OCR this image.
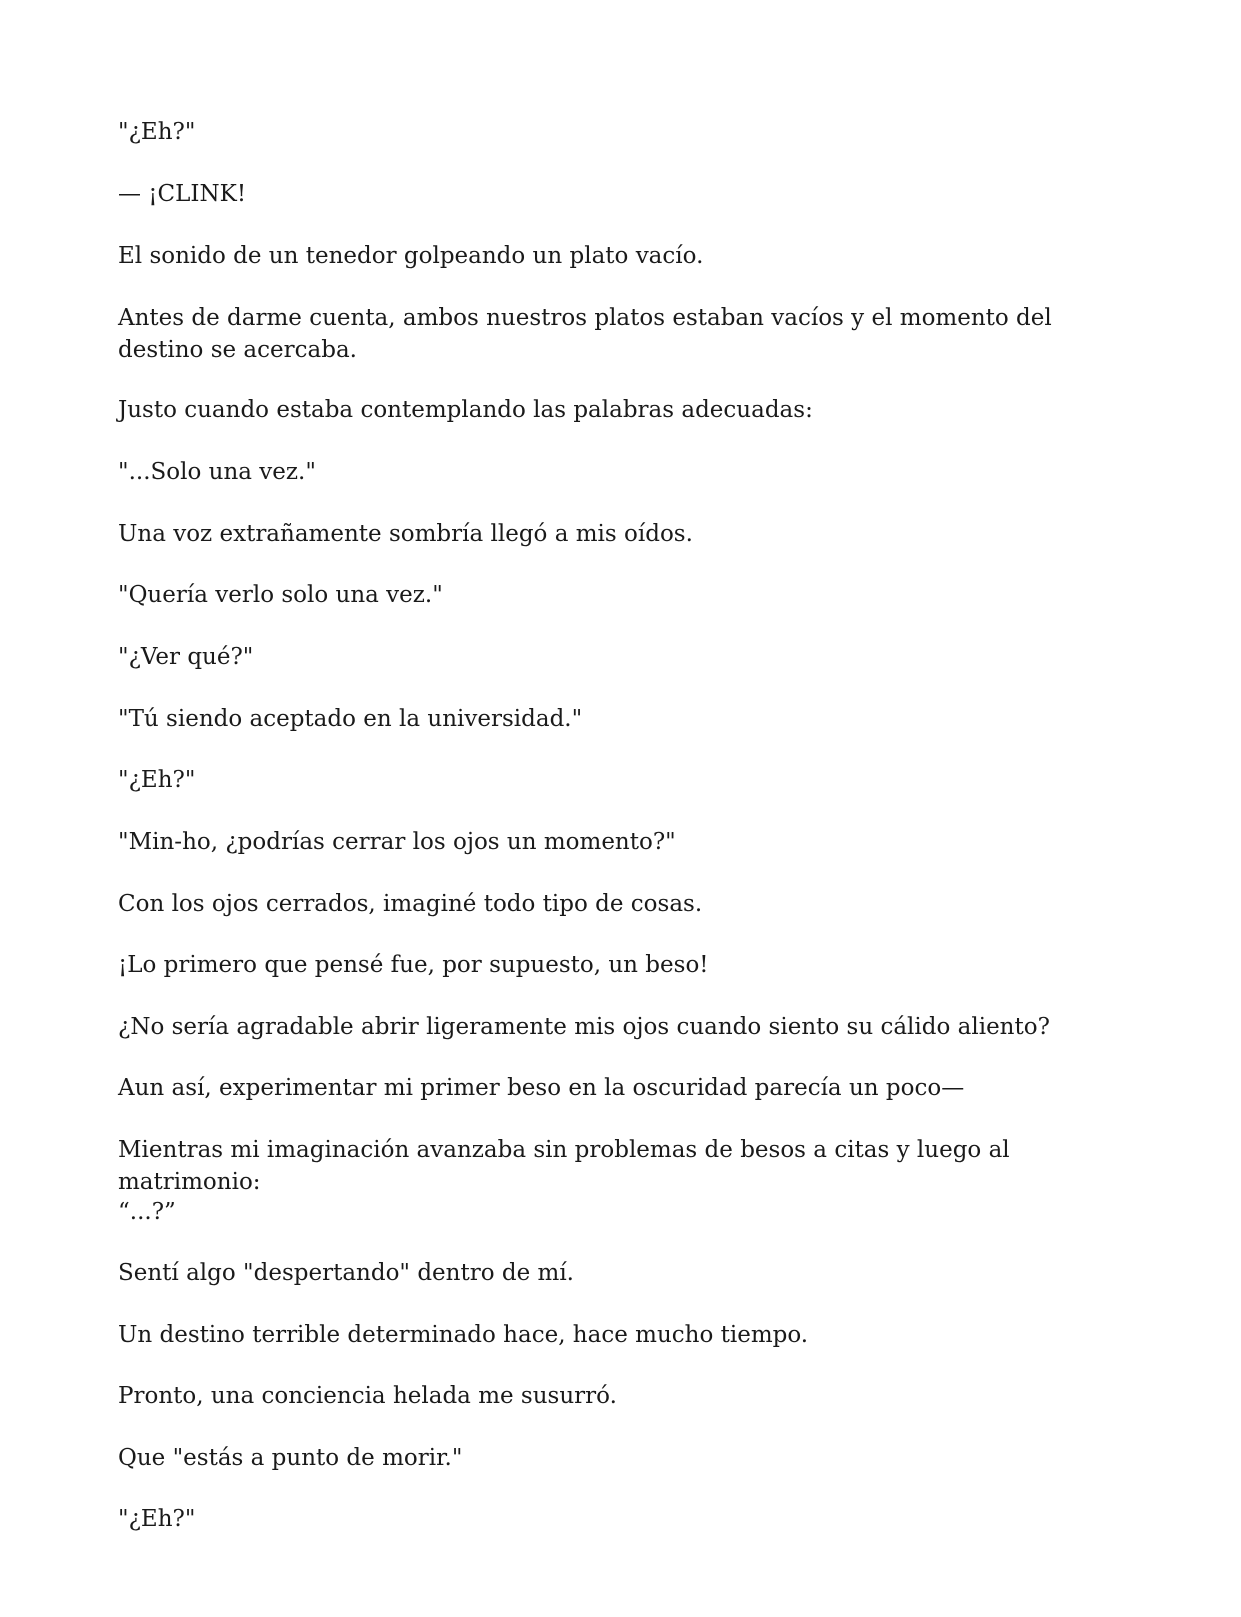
"¿Eh?"

— ¡CLINK!

El sonido de un tenedor golpeando un plato vacío.

Antes de darme cuenta, ambos nuestros platos estaban vacíos y el momento del destino se acercaba.

Justo cuando estaba contemplando las palabras adecuadas:

"...Solo una vez."

Una voz extrañamente sombría llegó a mis oídos.

"Quería verlo solo una vez."

"¿Ver qué?"

"Tú siendo aceptado en la universidad."

"¿Eh?"

"Min-ho, ¿podrías cerrar los ojos un momento?"

Con los ojos cerrados, imaginé todo tipo de cosas.

¡Lo primero que pensé fue, por supuesto, un beso!

¿No sería agradable abrir ligeramente mis ojos cuando siento su cálido aliento?

Aun así, experimentar mi primer beso en la oscuridad parecía un poco—

Mientras mi imaginación avanzaba sin problemas de besos a citas y luego al matrimonio:

“...?”

Sentí algo "despertando" dentro de mí.

Un destino terrible determinado hace, hace mucho tiempo.

Pronto, una conciencia helada me susurró.

Que "estás a punto de morir."

"¿Eh?"
